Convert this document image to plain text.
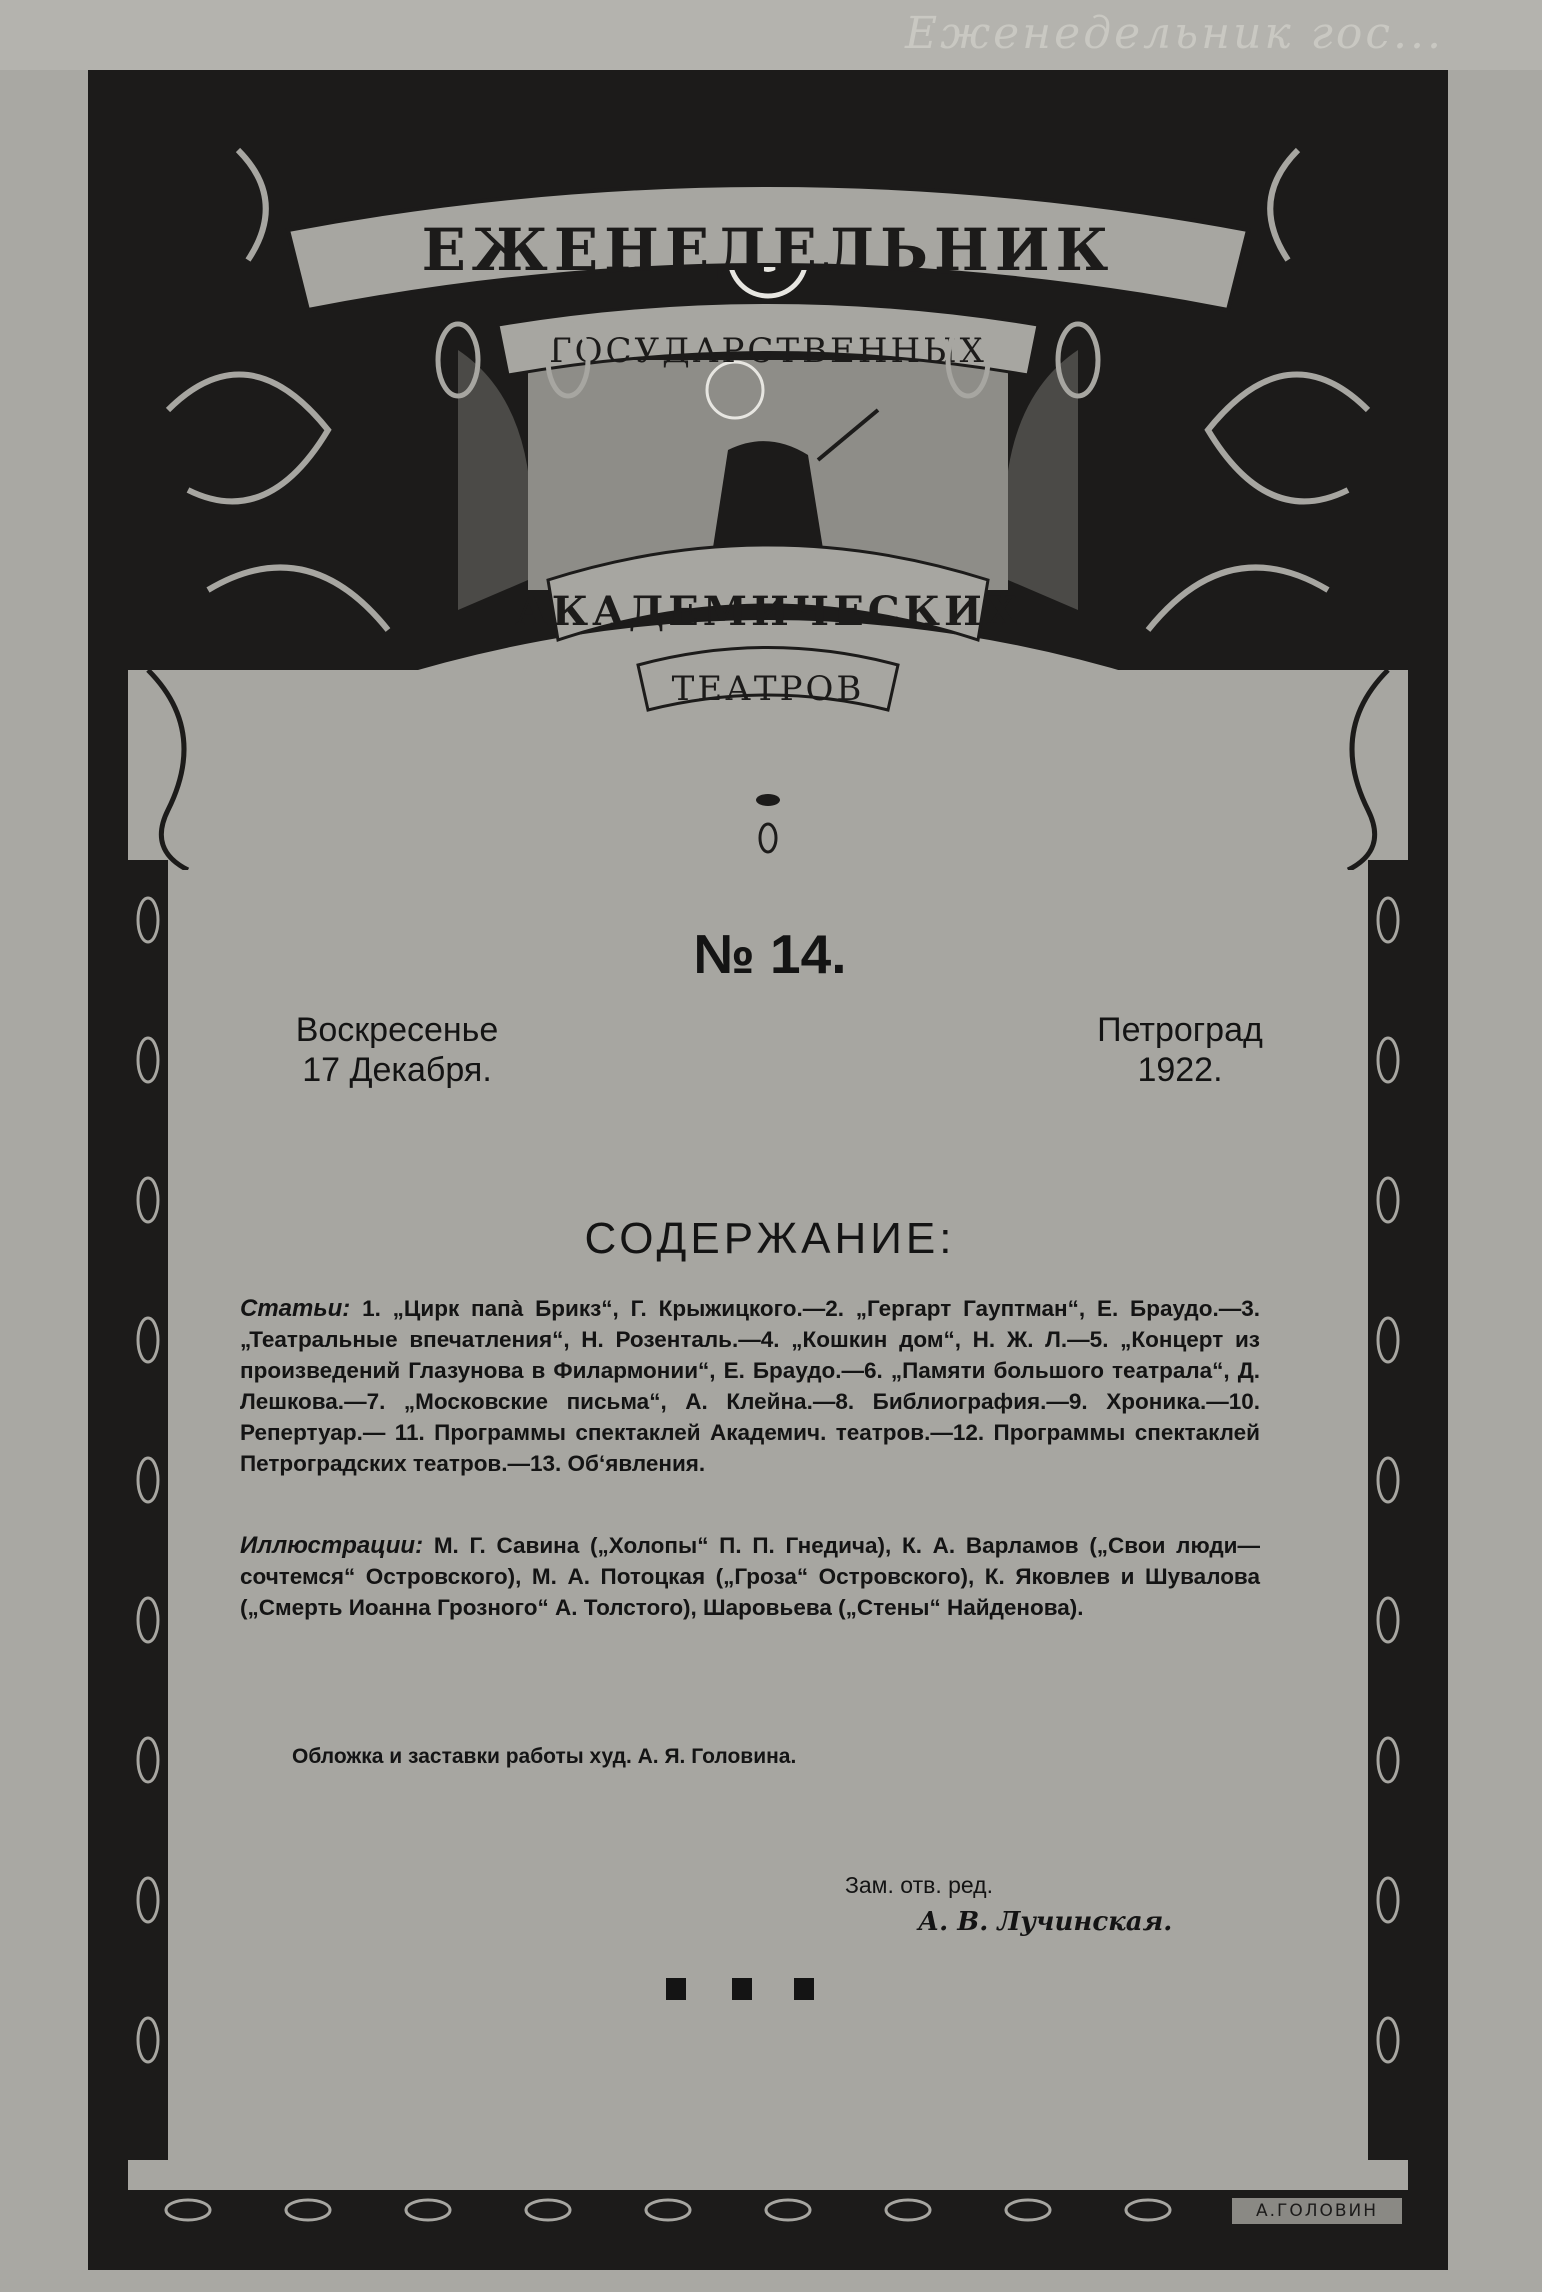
Еженедельник гос...
ЕЖЕНЕДЕЛЬНИК
ГОСУДАРСТВЕННЫХ
АКАДЕМИЧЕСКИХ
ТЕАТРОВ
А.ГОЛОВИН
№ 14.
Воскресенье
17 Декабря.
Петроград
1922.
СОДЕРЖАНИЕ:
Статьи: 1. „Цирк папà Брикз“, Г. Крыжицкого.—2. „Гергарт Гауптман“, Е. Браудо.—3. „Театральные впечатления“, Н. Розенталь.—4. „Кошкин дом“, Н. Ж. Л.—5. „Концерт из произведений Глазунова в Филармонии“, Е. Браудо.—6. „Памяти большого театрала“, Д. Лешкова.—7. „Московские письма“, А. Клейна.—8. Библиография.—9. Хроника.—10. Репертуар.— 11. Программы спектаклей Академич. театров.—12. Программы спектаклей Петроградских театров.—13. Об‘явления.
Иллюстрации: М. Г. Савина („Холопы“ П. П. Гнедича), К. А. Варламов („Свои люди—сочтемся“ Островского), М. А. Потоцкая („Гроза“ Островского), К. Яковлев и Шувалова („Смерть Иоанна Грозного“ А. Толстого), Шаровьева („Стены“ Найденова).
Обложка и заставки работы худ. А. Я. Головина.
Зам. отв. ред.
А. В. Лучинская.
